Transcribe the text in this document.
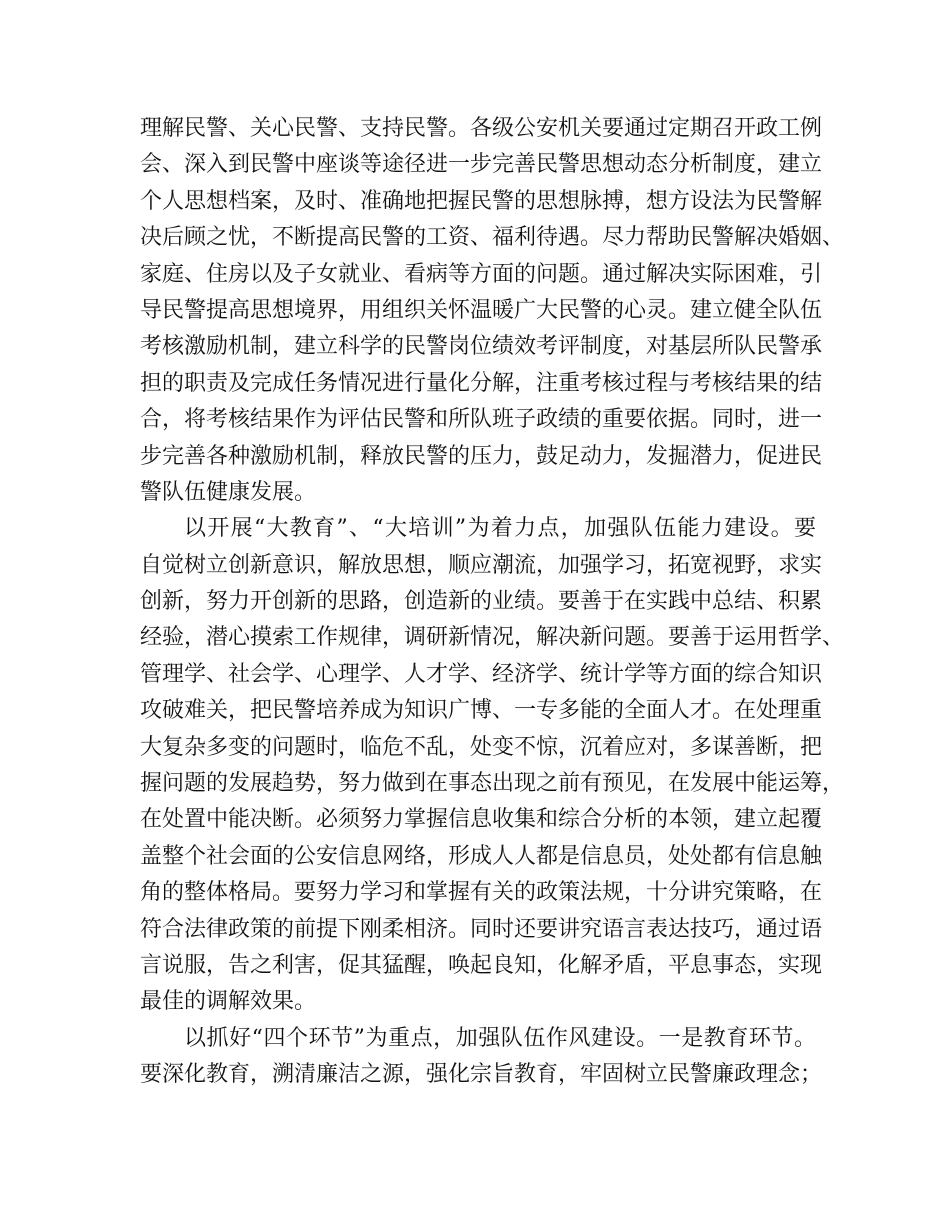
理解民警、关心民警、支持民警。各级公安机关要通过定期召开政工例
会、深入到民警中座谈等途径进一步完善民警思想动态分析制度，建立
个人思想档案，及时、准确地把握民警的思想脉搏，想方设法为民警解
决后顾之忧，不断提高民警的工资、福利待遇。尽力帮助民警解决婚姻、
家庭、住房以及子女就业、看病等方面的问题。通过解决实际困难，引
导民警提高思想境界，用组织关怀温暖广大民警的心灵。建立健全队伍
考核激励机制，建立科学的民警岗位绩效考评制度，对基层所队民警承
担的职责及完成任务情况进行量化分解，注重考核过程与考核结果的结
合，将考核结果作为评估民警和所队班子政绩的重要依据。同时，进一
步完善各种激励机制，释放民警的压力，鼓足动力，发掘潜力，促进民
警队伍健康发展。
以开展“大教育”、“大培训”为着力点，加强队伍能力建设。要
自觉树立创新意识，解放思想，顺应潮流，加强学习，拓宽视野，求实
创新，努力开创新的思路，创造新的业绩。要善于在实践中总结、积累
经验，潜心摸索工作规律，调研新情况，解决新问题。要善于运用哲学、
管理学、社会学、心理学、人才学、经济学、统计学等方面的综合知识
攻破难关，把民警培养成为知识广博、一专多能的全面人才。在处理重
大复杂多变的问题时，临危不乱，处变不惊，沉着应对，多谋善断，把
握问题的发展趋势，努力做到在事态出现之前有预见，在发展中能运筹，
在处置中能决断。必须努力掌握信息收集和综合分析的本领，建立起覆
盖整个社会面的公安信息网络，形成人人都是信息员，处处都有信息触
角的整体格局。要努力学习和掌握有关的政策法规，十分讲究策略，在
符合法律政策的前提下刚柔相济。同时还要讲究语言表达技巧，通过语
言说服，告之利害，促其猛醒，唤起良知，化解矛盾，平息事态，实现
最佳的调解效果。
以抓好“四个环节”为重点，加强队伍作风建设。一是教育环节。
要深化教育，溯清廉洁之源，强化宗旨教育，牢固树立民警廉政理念；
